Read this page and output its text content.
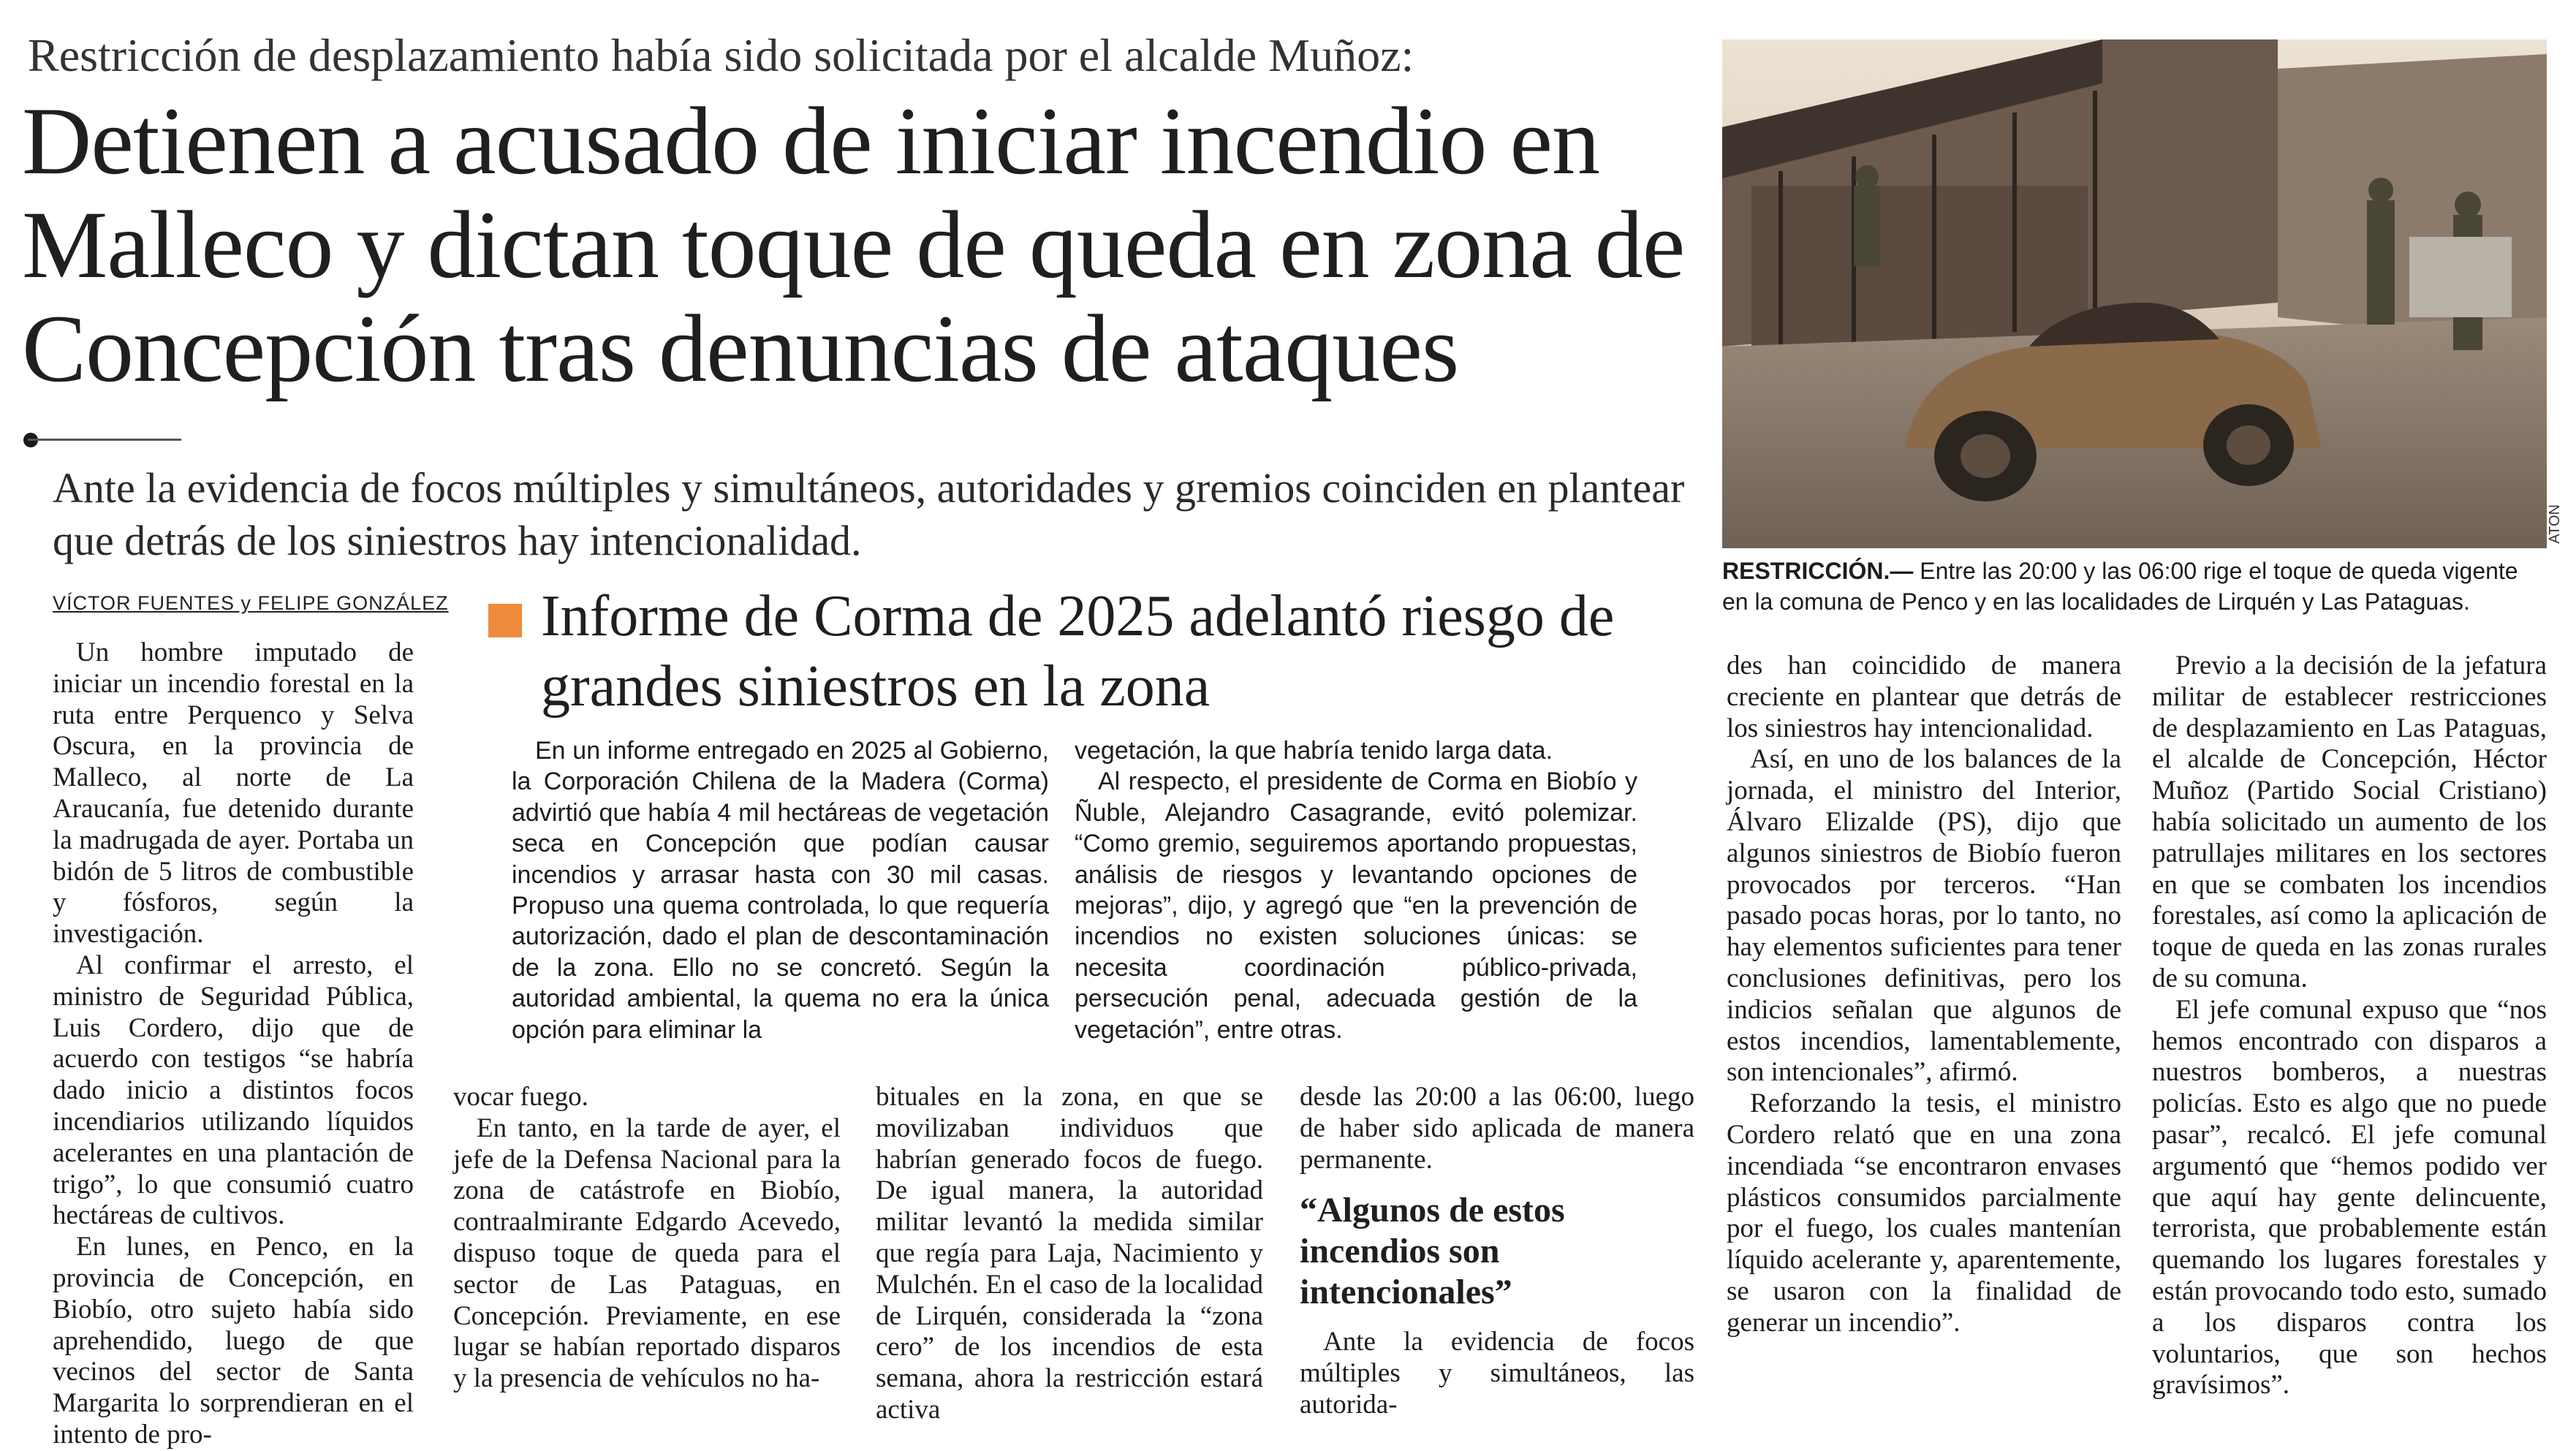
Restricción de desplazamiento había sido solicitada por el alcalde Muñoz:
Detienen a acusado de iniciar incendio en Malleco y dictan toque de queda en zona de Concepción tras denuncias de ataques
Ante la evidencia de focos múltiples y simultáneos, autoridades y gremios coinciden en plantear que detrás de los siniestros hay intencionalidad.
VÍCTOR FUENTES y FELIPE GONZÁLEZ
ATON
RESTRICCIÓN.— Entre las 20:00 y las 06:00 rige el toque de queda vigente en la comuna de Penco y en las localidades de Lirquén y Las Pataguas.

Un hombre imputado de iniciar un incendio forestal en la ruta entre Perquenco y Selva Oscura, en la provincia de Malleco, al norte de La Araucanía, fue detenido durante la madrugada de ayer. Portaba un bidón de 5 litros de combustible y fósforos, según la investigación.

Al confirmar el arresto, el ministro de Seguridad Pública, Luis Cordero, dijo que de acuerdo con testigos “se habría dado inicio a distintos focos incendiarios utilizando líquidos acelerantes en una plantación de trigo”, lo que consumió cuatro hectáreas de cultivos.

En lunes, en Penco, en la provincia de Concepción, en Biobío, otro sujeto había sido aprehendido, luego de que vecinos del sector de Santa Margarita lo sorprendieran en el intento de pro-

Informe de Corma de 2025 adelantó riesgo de grandes siniestros en la zona

En un informe entregado en 2025 al Gobierno, la Corporación Chilena de la Madera (Corma) advirtió que había 4 mil hectáreas de vegetación seca en Concepción que podían causar incendios y arrasar hasta con 30 mil casas. Propuso una quema controlada, lo que requería autorización, dado el plan de descontaminación de la zona. Ello no se concretó. Según la autoridad ambiental, la quema no era la única opción para eliminar la

vegetación, la que habría tenido larga data.

Al respecto, el presidente de Corma en Biobío y Ñuble, Alejandro Casagrande, evitó polemizar. “Como gremio, seguiremos aportando propuestas, análisis de riesgos y levantando opciones de mejoras”, dijo, y agregó que “en la prevención de incendios no existen soluciones únicas: se necesita coordinación público-privada, persecución penal, adecuada gestión de la vegetación”, entre otras.

vocar fuego.

En tanto, en la tarde de ayer, el jefe de la Defensa Nacional para la zona de catástrofe en Biobío, contraalmirante Edgardo Acevedo, dispuso toque de queda para el sector de Las Pataguas, en Concepción. Previamente, en ese lugar se habían reportado disparos y la presencia de vehículos no ha-

bituales en la zona, en que se movilizaban individuos que habrían generado focos de fuego. De igual manera, la autoridad militar levantó la medida similar que regía para Laja, Nacimiento y Mulchén. En el caso de la localidad de Lirquén, considerada la “zona cero” de los incendios de esta semana, ahora la restricción estará activa

desde las 20:00 a las 06:00, luego de haber sido aplicada de manera permanente.

“Algunos de estos incendios son intencionales”

Ante la evidencia de focos múltiples y simultáneos, las autorida-

des han coincidido de manera creciente en plantear que detrás de los siniestros hay intencionalidad.

Así, en uno de los balances de la jornada, el ministro del Interior, Álvaro Elizalde (PS), dijo que algunos siniestros de Biobío fueron provocados por terceros. “Han pasado pocas horas, por lo tanto, no hay elementos suficientes para tener conclusiones definitivas, pero los indicios señalan que algunos de estos incendios, lamentablemente, son intencionales”, afirmó.

Reforzando la tesis, el ministro Cordero relató que en una zona incendiada “se encontraron envases plásticos consumidos parcialmente por el fuego, los cuales mantenían líquido acelerante y, aparentemente, se usaron con la finalidad de generar un incendio”.

Previo a la decisión de la jefatura militar de establecer restricciones de desplazamiento en Las Pataguas, el alcalde de Concepción, Héctor Muñoz (Partido Social Cristiano) había solicitado un aumento de los patrullajes militares en los sectores en que se combaten los incendios forestales, así como la aplicación de toque de queda en las zonas rurales de su comuna.

El jefe comunal expuso que “nos hemos encontrado con disparos a nuestros bomberos, a nuestras policías. Esto es algo que no puede pasar”, recalcó. El jefe comunal argumentó que “hemos podido ver que aquí hay gente delincuente, terrorista, que probablemente están quemando los lugares forestales y están provocando todo esto, sumado a los disparos contra los voluntarios, que son hechos gravísimos”.
